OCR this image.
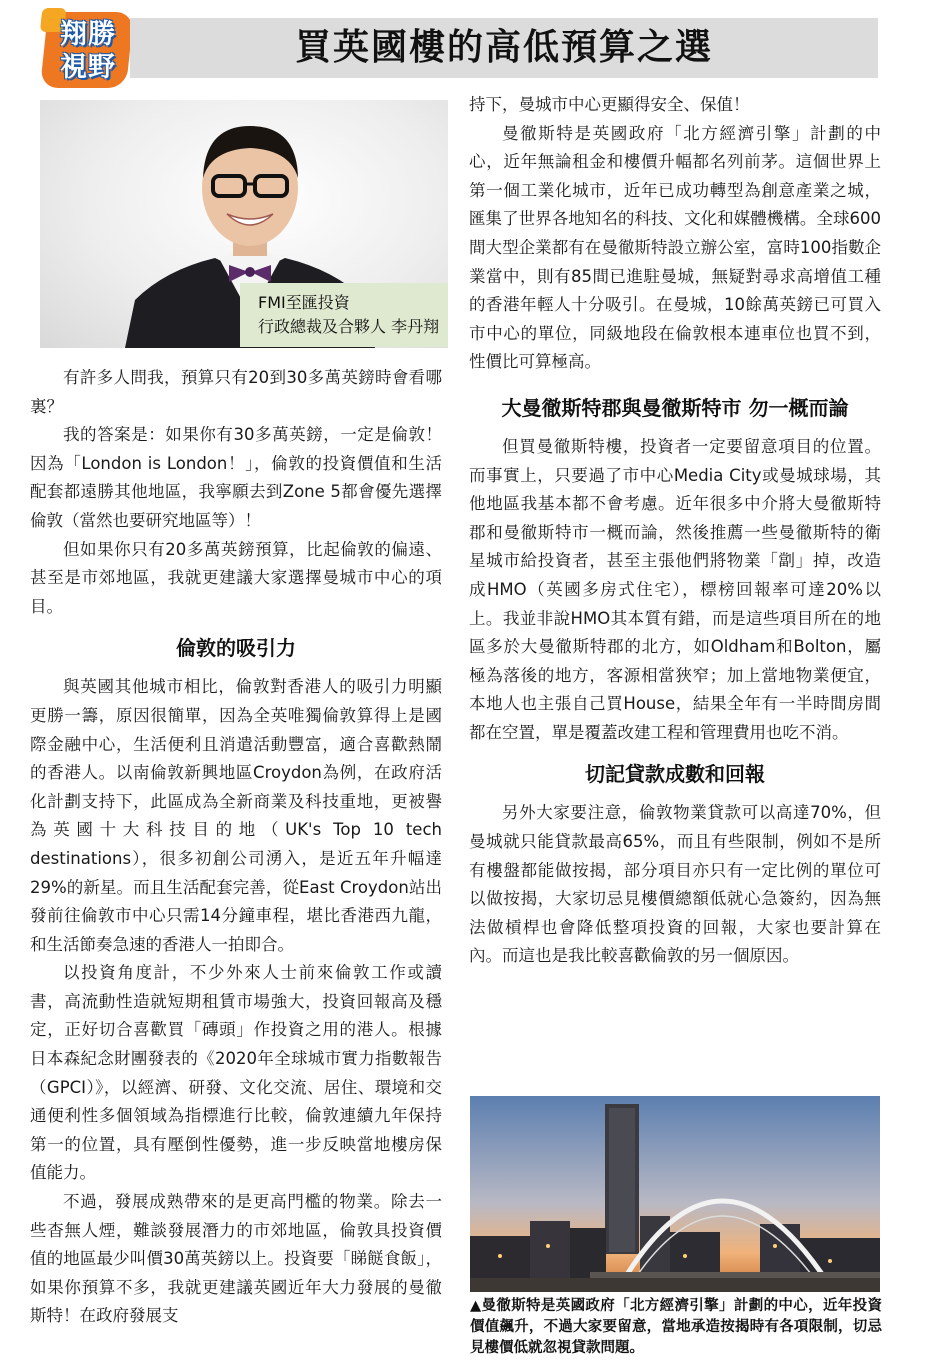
翔勝視野	買英國樓的高低預算之選
FMI至匯投資
行政總裁及合夥人 李丹翔

有許多人問我，預算只有20到30多萬英鎊時會看哪裏？

我的答案是：如果你有30多萬英鎊，一定是倫敦！因為「London is London！」，倫敦的投資價值和生活配套都遠勝其他地區，我寧願去到Zone 5都會優先選擇倫敦（當然也要研究地區等）！

但如果你只有20多萬英鎊預算，比起倫敦的偏遠、甚至是市郊地區，我就更建議大家選擇曼城市中心的項目。

倫敦的吸引力

與英國其他城市相比，倫敦對香港人的吸引力明顯更勝一籌，原因很簡單，因為全英唯獨倫敦算得上是國際金融中心，生活便利且消遣活動豐富，適合喜歡熱鬧的香港人。以南倫敦新興地區Croydon為例，在政府活化計劃支持下，此區成為全新商業及科技重地，更被譽為英國十大科技目的地（UK's Top 10 tech destinations），很多初創公司湧入，是近五年升幅達29%的新星。而且生活配套完善，從East Croydon站出發前往倫敦市中心只需14分鐘車程，堪比香港西九龍，和生活節奏急速的香港人一拍即合。

以投資角度計，不少外來人士前來倫敦工作或讀書，高流動性造就短期租賃市場強大，投資回報高及穩定，正好切合喜歡買「磚頭」作投資之用的港人。根據日本森紀念財團發表的《2020年全球城市實力指數報告（GPCI）》，以經濟、研發、文化交流、居住、環境和交通便利性多個領域為指標進行比較，倫敦連續九年保持第一的位置，具有壓倒性優勢，進一步反映當地樓房保值能力。

不過，發展成熟帶來的是更高門檻的物業。除去一些杳無人煙，難談發展潛力的市郊地區，倫敦具投資價值的地區最少叫價30萬英鎊以上。投資要「睇餸食飯」，如果你預算不多，我就更建議英國近年大力發展的曼徹斯特！在政府發展支

持下，曼城市中心更顯得安全、保值！

曼徹斯特是英國政府「北方經濟引擎」計劃的中心，近年無論租金和樓價升幅都名列前茅。這個世界上第一個工業化城市，近年已成功轉型為創意產業之城，匯集了世界各地知名的科技、文化和媒體機構。全球600間大型企業都有在曼徹斯特設立辦公室，富時100指數企業當中，則有85間已進駐曼城，無疑對尋求高增值工種的香港年輕人十分吸引。在曼城，10餘萬英鎊已可買入市中心的單位，同級地段在倫敦根本連車位也買不到，性價比可算極高。

大曼徹斯特郡與曼徹斯特市 勿一概而論

但買曼徹斯特樓，投資者一定要留意項目的位置。而事實上，只要過了市中心Media City或曼城球場，其他地區我基本都不會考慮。近年很多中介將大曼徹斯特郡和曼徹斯特市一概而論，然後推薦一些曼徹斯特的衛星城市給投資者，甚至主張他們將物業「劏」掉，改造成HMO（英國多房式住宅），標榜回報率可達20%以上。我並非說HMO其本質有錯，而是這些項目所在的地區多於大曼徹斯特郡的北方，如Oldham和Bolton，屬極為落後的地方，客源相當狹窄；加上當地物業便宜，本地人也主張自己買House，結果全年有一半時間房間都在空置，單是覆蓋改建工程和管理費用也吃不消。

切記貸款成數和回報

另外大家要注意，倫敦物業貸款可以高達70%，但曼城就只能貸款最高65%，而且有些限制，例如不是所有樓盤都能做按揭，部分項目亦只有一定比例的單位可以做按揭，大家切忌見樓價總額低就心急簽約，因為無法做槓桿也會降低整項投資的回報，大家也要計算在內。而這也是我比較喜歡倫敦的另一個原因。

▲曼徹斯特是英國政府「北方經濟引擎」計劃的中心，近年投資價值飆升，不過大家要留意，當地承造按揭時有各項限制，切忌見樓價低就忽視貸款問題。
